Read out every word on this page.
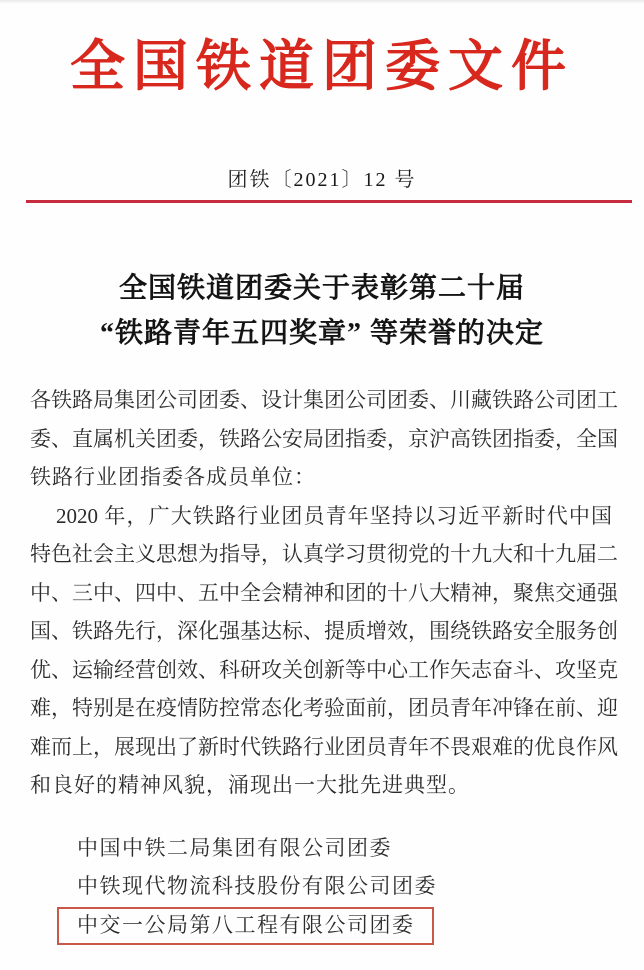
全国铁道团委文件
团铁〔2021〕12 号
全国铁道团委关于表彰第二十届
“铁路青年五四奖章” 等荣誉的决定
各铁路局集团公司团委、设计集团公司团委、川藏铁路公司团工
委、直属机关团委，铁路公安局团指委，京沪高铁团指委，全国
铁路行业团指委各成员单位：
2020 年，广大铁路行业团员青年坚持以习近平新时代中国
特色社会主义思想为指导，认真学习贯彻党的十九大和十九届二
中、三中、四中、五中全会精神和团的十八大精神，聚焦交通强
国、铁路先行，深化强基达标、提质增效，围绕铁路安全服务创
优、运输经营创效、科研攻关创新等中心工作矢志奋斗、攻坚克
难，特别是在疫情防控常态化考验面前，团员青年冲锋在前、迎
难而上，展现出了新时代铁路行业团员青年不畏艰难的优良作风
和良好的精神风貌，涌现出一大批先进典型。
中国中铁二局集团有限公司团委
中铁现代物流科技股份有限公司团委
中交一公局第八工程有限公司团委
